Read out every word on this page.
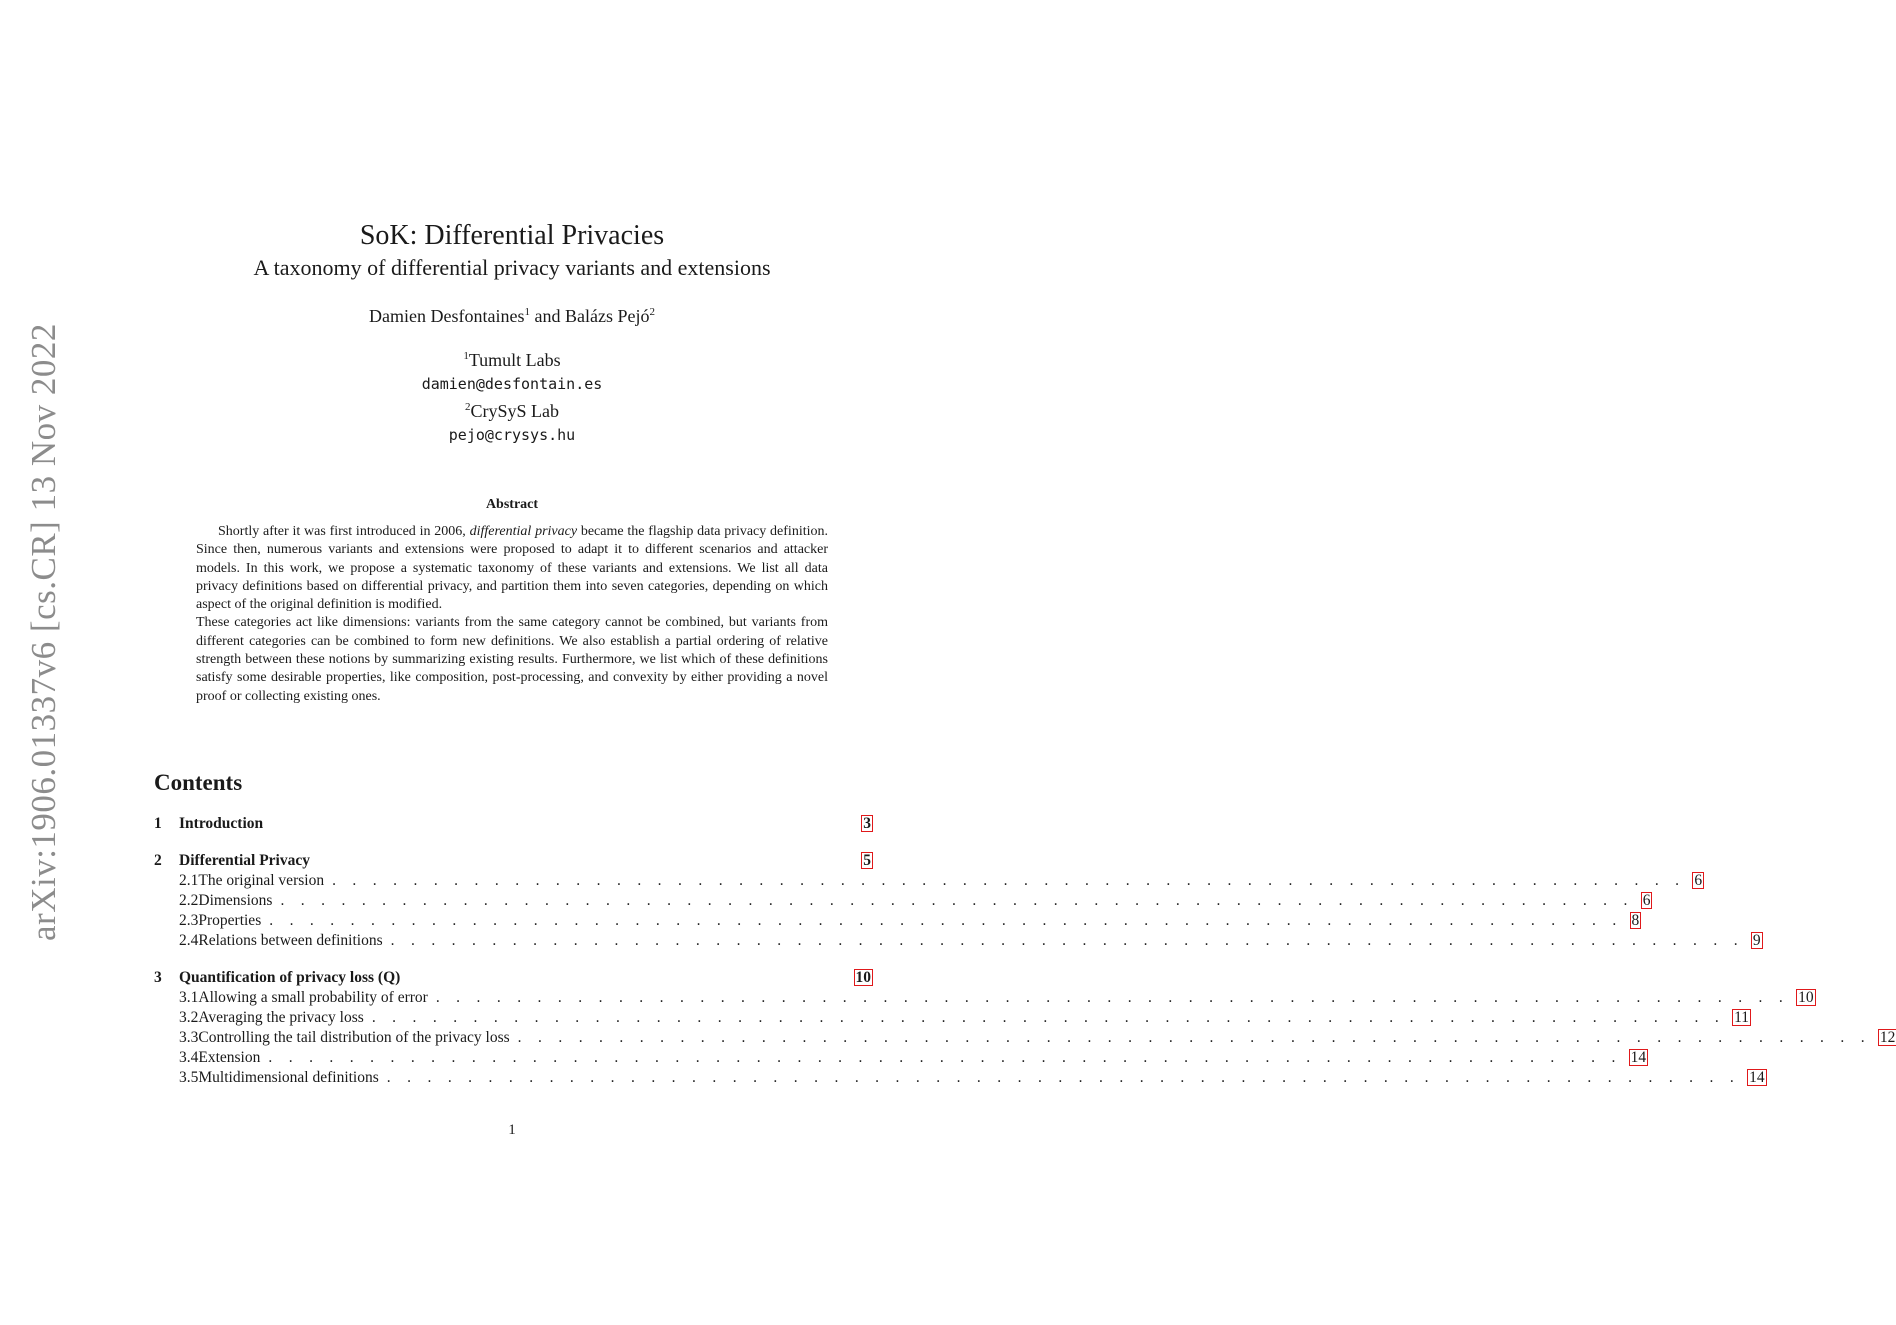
arXiv:1906.01337v6 [cs.CR] 13 Nov 2022
SoK: Differential Privacies
A taxonomy of differential privacy variants and extensions
Damien Desfontaines$^1$ and Balázs Pejó$^2$
$^1$Tumult Labs
damien@desfontain.es
$^2$CrySyS Lab
pejo@crysys.hu
Abstract

Shortly after it was first introduced in 2006, differential privacy became the flagship data privacy definition. Since then, numerous variants and extensions were proposed to adapt it to different scenarios and attacker models. In this work, we propose a systematic taxonomy of these variants and extensions. We list all data privacy definitions based on differential privacy, and partition them into seven categories, depending on which aspect of the original definition is modified.

These categories act like dimensions: variants from the same category cannot be combined, but variants from different categories can be combined to form new definitions. We also establish a partial ordering of relative strength between these notions by summarizing existing results. Furthermore, we list which of these definitions satisfy some desirable properties, like composition, post-processing, and convexity by either providing a novel proof or collecting existing ones.

Contents
1	Introduction	3
2	Differential Privacy	5
2.1 The original version . . . . . . . . . . . . . . . . . . . . . . . . . . . . . . . . . . . . . . . . . . . . . . . . . . . . . . . . . . . . . . . . . . . 6
2.2 Dimensions . . . . . . . . . . . . . . . . . . . . . . . . . . . . . . . . . . . . . . . . . . . . . . . . . . . . . . . . . . . . . . . . . . . 6
2.3 Properties . . . . . . . . . . . . . . . . . . . . . . . . . . . . . . . . . . . . . . . . . . . . . . . . . . . . . . . . . . . . . . . . . . . 8
2.4 Relations between definitions . . . . . . . . . . . . . . . . . . . . . . . . . . . . . . . . . . . . . . . . . . . . . . . . . . . . . . . . . . . . . . . . . . . 9
3	Quantification of privacy loss (Q)	10
3.1 Allowing a small probability of error . . . . . . . . . . . . . . . . . . . . . . . . . . . . . . . . . . . . . . . . . . . . . . . . . . . . . . . . . . . . . . . . . . . 10
3.2 Averaging the privacy loss . . . . . . . . . . . . . . . . . . . . . . . . . . . . . . . . . . . . . . . . . . . . . . . . . . . . . . . . . . . . . . . . . . . 11
3.3 Controlling the tail distribution of the privacy loss . . . . . . . . . . . . . . . . . . . . . . . . . . . . . . . . . . . . . . . . . . . . . . . . . . . . . . . . . . . . . . . . . . . 12
3.4 Extension . . . . . . . . . . . . . . . . . . . . . . . . . . . . . . . . . . . . . . . . . . . . . . . . . . . . . . . . . . . . . . . . . . . 14
3.5 Multidimensional definitions . . . . . . . . . . . . . . . . . . . . . . . . . . . . . . . . . . . . . . . . . . . . . . . . . . . . . . . . . . . . . . . . . . . 14
1
